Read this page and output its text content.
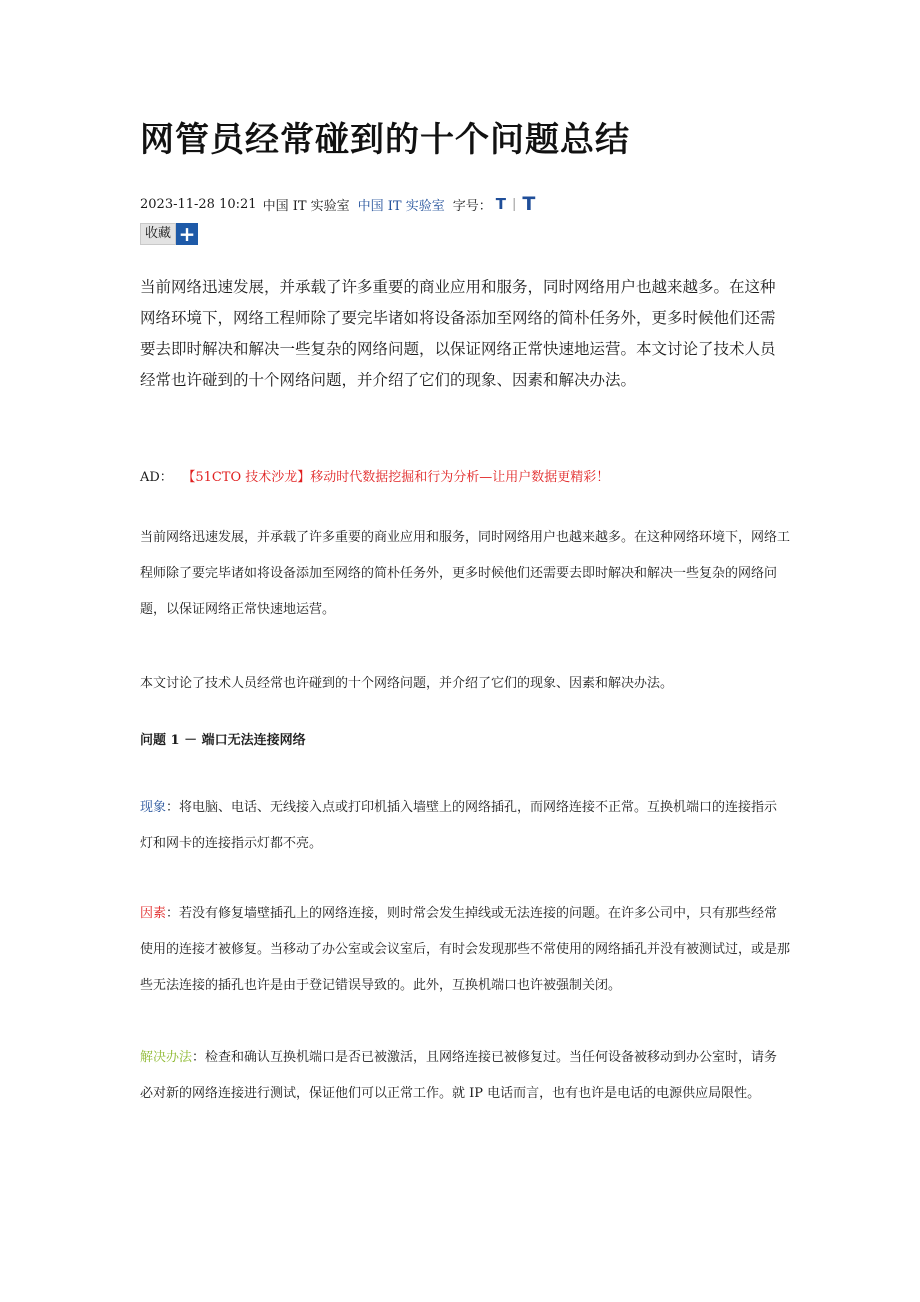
网管员经常碰到的十个问题总结
2023-11-28 10:21 中国 IT 实验室 中国 IT 实验室 字号： T | T
收藏 +

当前网络迅速发展，并承载了许多重要的商业应用和服务，同时网络用户也越来越多。在这种网络环境下，网络工程师除了要完毕诸如将设备添加至网络的简朴任务外，更多时候他们还需要去即时解决和解决一些复杂的网络问题，以保证网络正常快速地运营。本文讨论了技术人员经常也许碰到的十个网络问题，并介绍了它们的现象、因素和解决办法。

AD： 【51CTO 技术沙龙】移动时代数据挖掘和行为分析—让用户数据更精彩！

当前网络迅速发展，并承载了许多重要的商业应用和服务，同时网络用户也越来越多。在这种网络环境下，网络工程师除了要完毕诸如将设备添加至网络的简朴任务外，更多时候他们还需要去即时解决和解决一些复杂的网络问题，以保证网络正常快速地运营。

本文讨论了技术人员经常也许碰到的十个网络问题，并介绍了它们的现象、因素和解决办法。

问题 1 － 端口无法连接网络

现象：将电脑、电话、无线接入点或打印机插入墙壁上的网络插孔，而网络连接不正常。互换机端口的连接指示灯和网卡的连接指示灯都不亮。

因素：若没有修复墙壁插孔上的网络连接，则时常会发生掉线或无法连接的问题。在许多公司中，只有那些经常使用的连接才被修复。当移动了办公室或会议室后，有时会发现那些不常使用的网络插孔并没有被测试过，或是那些无法连接的插孔也许是由于登记错误导致的。此外，互换机端口也许被强制关闭。

解决办法：检查和确认互换机端口是否已被激活，且网络连接已被修复过。当任何设备被移动到办公室时，请务必对新的网络连接进行测试，保证他们可以正常工作。就 IP 电话而言，也有也许是电话的电源供应局限性。
